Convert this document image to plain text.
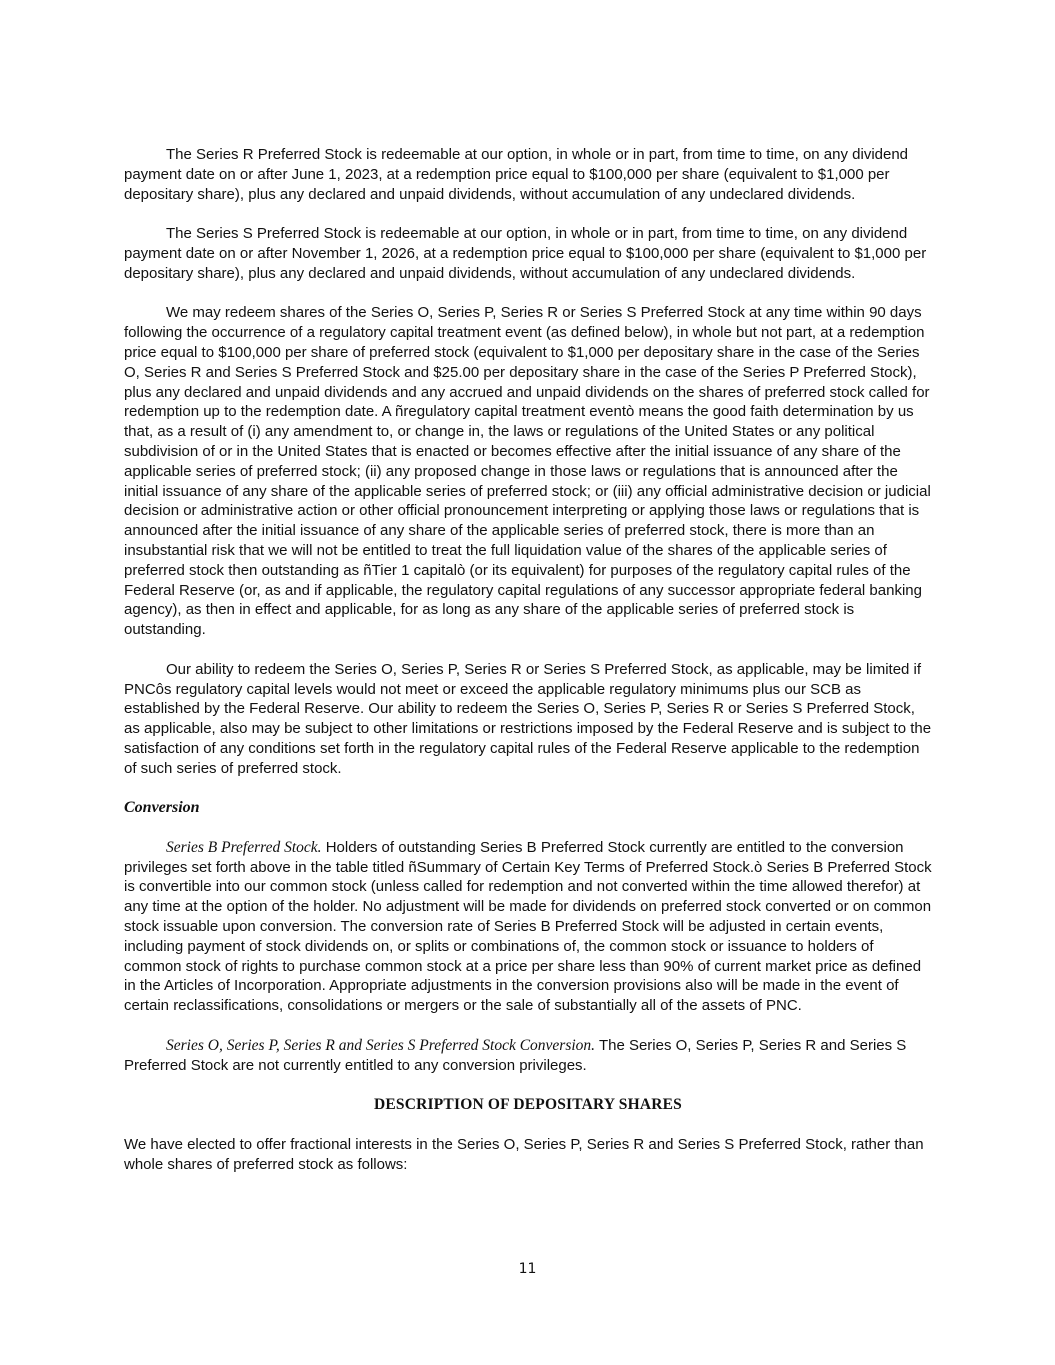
The Series R Preferred Stock is redeemable at our option, in whole or in part, from time to time, on any dividend payment date on or after June 1, 2023, at a redemption price equal to $100,000 per share (equivalent to $1,000 per depositary share), plus any declared and unpaid dividends, without accumulation of any undeclared dividends.

The Series S Preferred Stock is redeemable at our option, in whole or in part, from time to time, on any dividend payment date on or after November 1, 2026, at a redemption price equal to $100,000 per share (equivalent to $1,000 per depositary share), plus any declared and unpaid dividends, without accumulation of any undeclared dividends.

We may redeem shares of the Series O, Series P, Series R or Series S Preferred Stock at any time within 90 days following the occurrence of a regulatory capital treatment event (as defined below), in whole but not part, at a redemption price equal to $100,000 per share of preferred stock (equivalent to $1,000 per depositary share in the case of the Series O, Series R and Series S Preferred Stock and $25.00 per depositary share in the case of the Series P Preferred Stock), plus any declared and unpaid dividends and any accrued and unpaid dividends on the shares of preferred stock called for redemption up to the redemption date. A ñregulatory capital treatment eventò means the good faith determination by us that, as a result of (i) any amendment to, or change in, the laws or regulations of the United States or any political subdivision of or in the United States that is enacted or becomes effective after the initial issuance of any share of the applicable series of preferred stock; (ii) any proposed change in those laws or regulations that is announced after the initial issuance of any share of the applicable series of preferred stock; or (iii) any official administrative decision or judicial decision or administrative action or other official pronouncement interpreting or applying those laws or regulations that is announced after the initial issuance of any share of the applicable series of preferred stock, there is more than an insubstantial risk that we will not be entitled to treat the full liquidation value of the shares of the applicable series of preferred stock then outstanding as ñTier 1 capitalò (or its equivalent) for purposes of the regulatory capital rules of the Federal Reserve (or, as and if applicable, the regulatory capital regulations of any successor appropriate federal banking agency), as then in effect and applicable, for as long as any share of the applicable series of preferred stock is outstanding.

Our ability to redeem the Series O, Series P, Series R or Series S Preferred Stock, as applicable, may be limited if PNCôs regulatory capital levels would not meet or exceed the applicable regulatory minimums plus our SCB as established by the Federal Reserve. Our ability to redeem the Series O, Series P, Series R or Series S Preferred Stock, as applicable, also may be subject to other limitations or restrictions imposed by the Federal Reserve and is subject to the satisfaction of any conditions set forth in the regulatory capital rules of the Federal Reserve applicable to the redemption of such series of preferred stock.

Conversion

Series B Preferred Stock. Holders of outstanding Series B Preferred Stock currently are entitled to the conversion privileges set forth above in the table titled ñSummary of Certain Key Terms of Preferred Stock.ò Series B Preferred Stock is convertible into our common stock (unless called for redemption and not converted within the time allowed therefor) at any time at the option of the holder. No adjustment will be made for dividends on preferred stock converted or on common stock issuable upon conversion. The conversion rate of Series B Preferred Stock will be adjusted in certain events, including payment of stock dividends on, or splits or combinations of, the common stock or issuance to holders of common stock of rights to purchase common stock at a price per share less than 90% of current market price as defined in the Articles of Incorporation. Appropriate adjustments in the conversion provisions also will be made in the event of certain reclassifications, consolidations or mergers or the sale of substantially all of the assets of PNC.

Series O, Series P, Series R and Series S Preferred Stock Conversion. The Series O, Series P, Series R and Series S Preferred Stock are not currently entitled to any conversion privileges.

DESCRIPTION OF DEPOSITARY SHARES

We have elected to offer fractional interests in the Series O, Series P, Series R and Series S Preferred Stock, rather than whole shares of preferred stock as follows:

11
